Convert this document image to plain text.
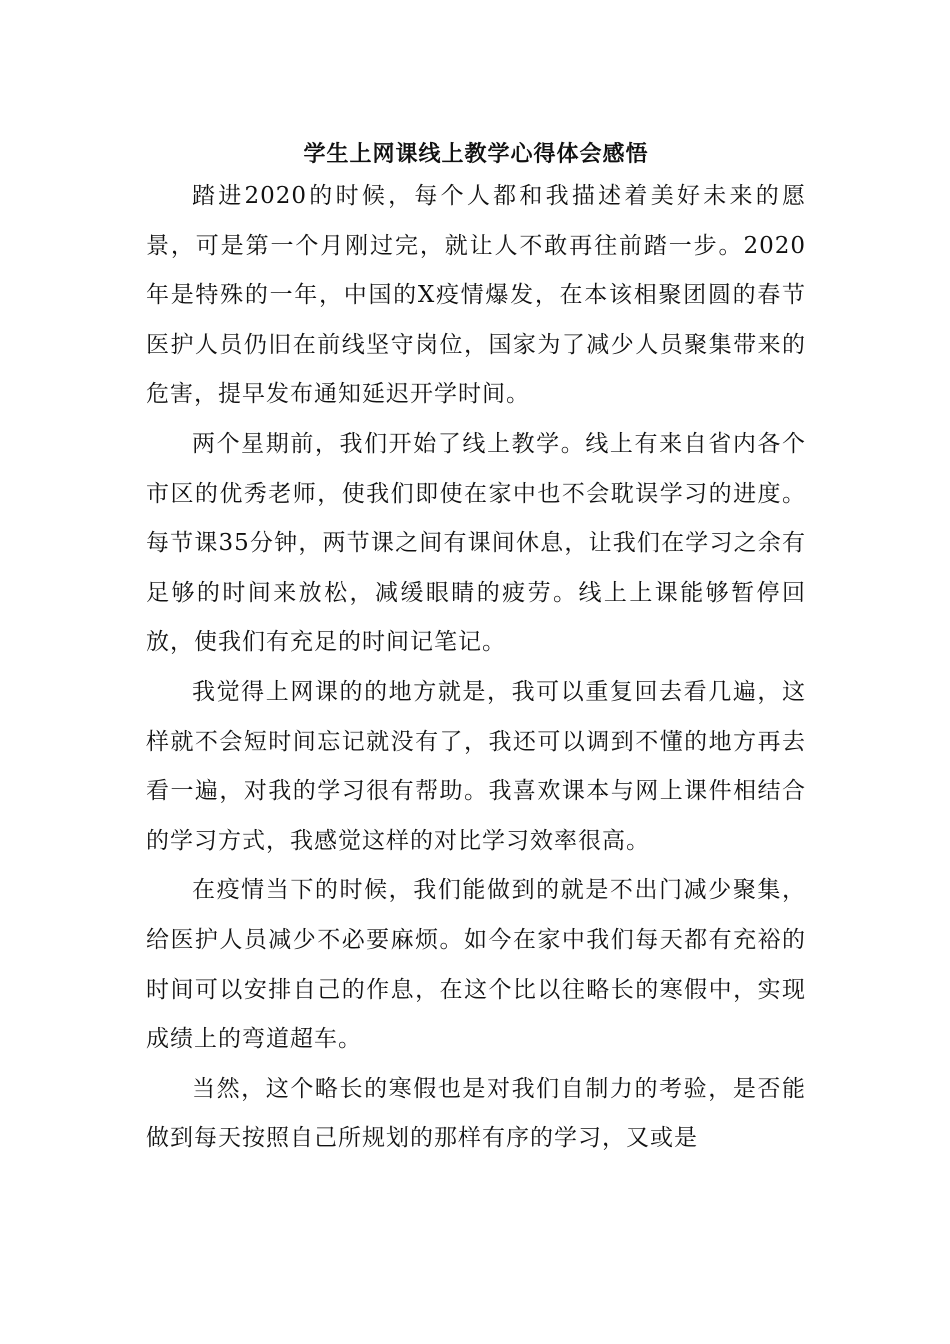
学生上网课线上教学心得体会感悟

踏进2020的时候，每个人都和我描述着美好未来的愿景，可是第一个月刚过完，就让人不敢再往前踏一步。2020年是特殊的一年，中国的X疫情爆发，在本该相聚团圆的春节医护人员仍旧在前线坚守岗位，国家为了减少人员聚集带来的危害，提早发布通知延迟开学时间。

两个星期前，我们开始了线上教学。线上有来自省内各个市区的优秀老师，使我们即使在家中也不会耽误学习的进度。每节课35分钟，两节课之间有课间休息，让我们在学习之余有足够的时间来放松，减缓眼睛的疲劳。线上上课能够暂停回放，使我们有充足的时间记笔记。

我觉得上网课的的地方就是，我可以重复回去看几遍，这样就不会短时间忘记就没有了，我还可以调到不懂的地方再去看一遍，对我的学习很有帮助。我喜欢课本与网上课件相结合的学习方式，我感觉这样的对比学习效率很高。

在疫情当下的时候，我们能做到的就是不出门减少聚集，给医护人员减少不必要麻烦。如今在家中我们每天都有充裕的时间可以安排自己的作息，在这个比以往略长的寒假中，实现成绩上的弯道超车。

当然，这个略长的寒假也是对我们自制力的考验，是否能做到每天按照自己所规划的那样有序的学习，又或是
